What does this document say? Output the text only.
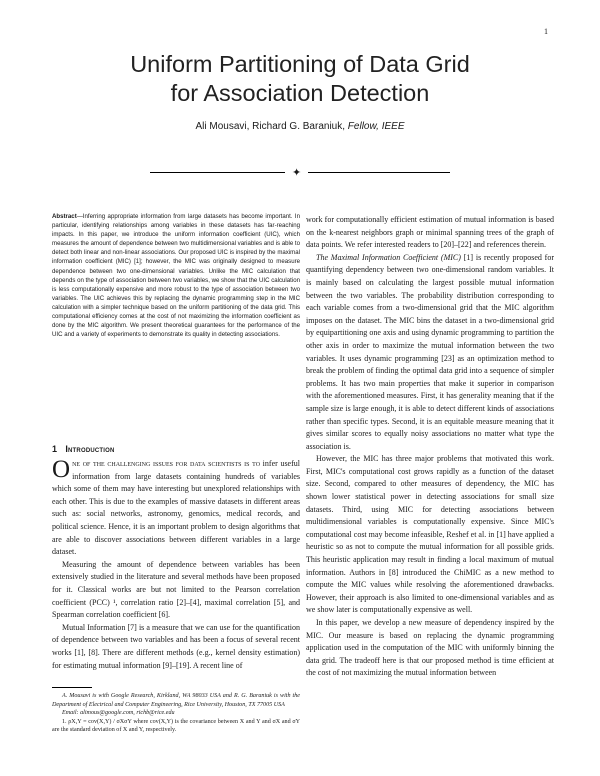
1
Uniform Partitioning of Data Grid
for Association Detection
Ali Mousavi, Richard G. Baraniuk, Fellow, IEEE
✦
Abstract—Inferring appropriate information from large datasets has become important. In particular, identifying relationships among variables in these datasets has far-reaching impacts. In this paper, we introduce the uniform information coefficient (UIC), which measures the amount of dependence between two multidimensional variables and is able to detect both linear and non-linear associations. Our proposed UIC is inspired by the maximal information coefficient (MIC) [1]; however, the MIC was originally designed to measure dependence between two one-dimensional variables. Unlike the MIC calculation that depends on the type of association between two variables, we show that the UIC calculation is less computationally expensive and more robust to the type of association between two variables. The UIC achieves this by replacing the dynamic programming step in the MIC calculation with a simpler technique based on the uniform partitioning of the data grid. This computational efficiency comes at the cost of not maximizing the information coefficient as done by the MIC algorithm. We present theoretical guarantees for the performance of the UIC and a variety of experiments to demonstrate its quality in detecting associations.
1 Introduction

One of the challenging issues for data scientists is to infer useful information from large datasets containing hundreds of variables which some of them may have interesting but unexplored relationships with each other. This is due to the examples of massive datasets in different areas such as: social networks, astronomy, genomics, medical records, and political science. Hence, it is an important problem to design algorithms that are able to discover associations between different variables in a large dataset.

Measuring the amount of dependence between variables has been extensively studied in the literature and several methods have been proposed for it. Classical works are but not limited to the Pearson correlation coefficient (PCC) ¹, correlation ratio [2]–[4], maximal correlation [5], and Spearman correlation coefficient [6].

Mutual Information [7] is a measure that we can use for the quantification of dependence between two variables and has been a focus of several recent works [1], [8]. There are different methods (e.g., kernel density estimation) for estimating mutual information [9]–[19]. A recent line of

A. Mousavi is with Google Research, Kirkland, WA 98033 USA and R. G. Baraniuk is with the Department of Electrical and Computer Engineering, Rice University, Houston, TX 77005 USA

Email: alimous@google.com, richb@rice.edu

1. ρX,Y = cov(X,Y) / σXσY where cov(X,Y) is the covariance between X and Y and σX and σY are the standard deviation of X and Y, respectively.

work for computationally efficient estimation of mutual information is based on the k-nearest neighbors graph or minimal spanning trees of the graph of data points. We refer interested readers to [20]–[22] and references therein.

The Maximal Information Coefficient (MIC) [1] is recently proposed for quantifying dependency between two one-dimensional random variables. It is mainly based on calculating the largest possible mutual information between the two variables. The probability distribution corresponding to each variable comes from a two-dimensional grid that the MIC algorithm imposes on the dataset. The MIC bins the dataset in a two-dimensional grid by equipartitioning one axis and using dynamic programming to partition the other axis in order to maximize the mutual information between the two variables. It uses dynamic programming [23] as an optimization method to break the problem of finding the optimal data grid into a sequence of simpler problems. It has two main properties that make it superior in comparison with the aforementioned measures. First, it has generality meaning that if the sample size is large enough, it is able to detect different kinds of associations rather than specific types. Second, it is an equitable measure meaning that it gives similar scores to equally noisy associations no matter what type the association is.

However, the MIC has three major problems that motivated this work. First, MIC's computational cost grows rapidly as a function of the dataset size. Second, compared to other measures of dependency, the MIC has shown lower statistical power in detecting associations for small size datasets. Third, using MIC for detecting associations between multidimensional variables is computationally expensive. Since MIC's computational cost may become infeasible, Reshef et al. in [1] have applied a heuristic so as not to compute the mutual information for all possible grids. This heuristic application may result in finding a local maximum of mutual information. Authors in [8] introduced the ChiMIC as a new method to compute the MIC values while resolving the aforementioned drawbacks. However, their approach is also limited to one-dimensional variables and as we show later is computationally expensive as well.

In this paper, we develop a new measure of dependency inspired by the MIC. Our measure is based on replacing the dynamic programming application used in the computation of the MIC with uniformly binning the data grid. The tradeoff here is that our proposed method is time efficient at the cost of not maximizing the mutual information between
